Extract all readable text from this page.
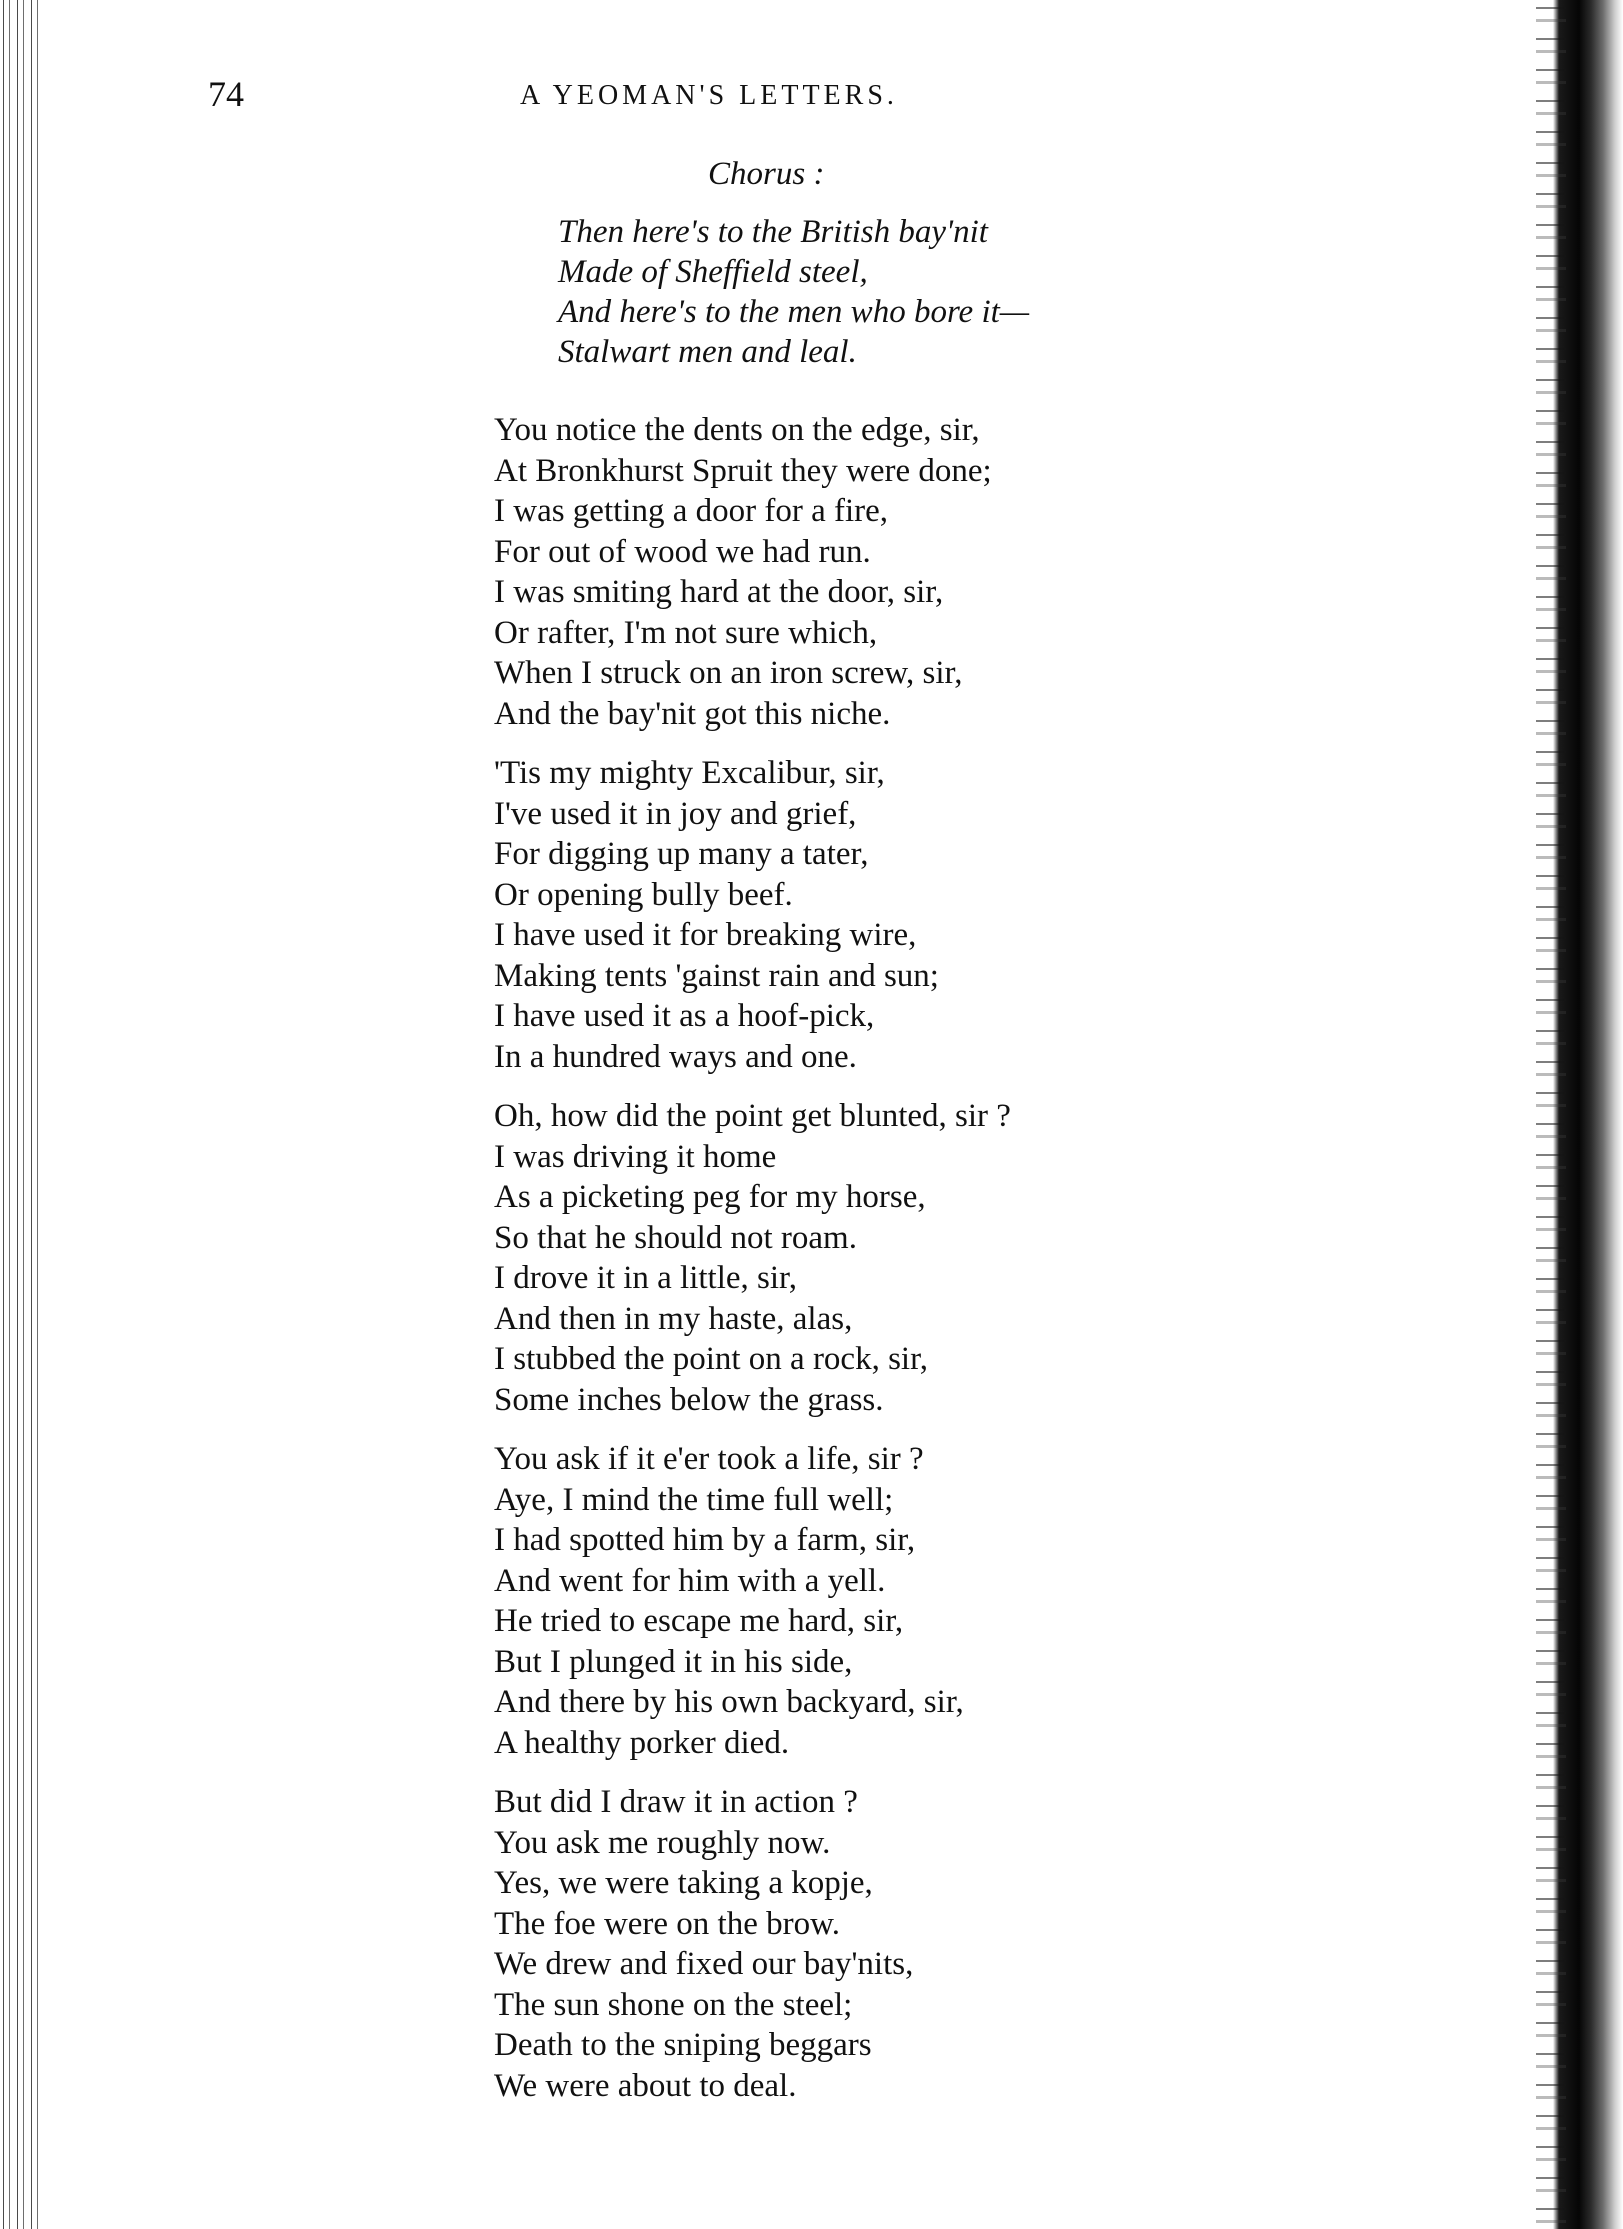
74	A YEOMAN'S LETTERS.
Chorus :
Then here's to the British bay'nit
Made of Sheffield steel,
And here's to the men who bore it—
Stalwart men and leal.
You notice the dents on the edge, sir,
At Bronkhurst Spruit they were done;
I was getting a door for a fire,
For out of wood we had run.
I was smiting hard at the door, sir,
Or rafter, I'm not sure which,
When I struck on an iron screw, sir,
And the bay'nit got this niche.
'Tis my mighty Excalibur, sir,
I've used it in joy and grief,
For digging up many a tater,
Or opening bully beef.
I have used it for breaking wire,
Making tents 'gainst rain and sun;
I have used it as a hoof-pick,
In a hundred ways and one.
Oh, how did the point get blunted, sir ?
I was driving it home
As a picketing peg for my horse,
So that he should not roam.
I drove it in a little, sir,
And then in my haste, alas,
I stubbed the point on a rock, sir,
Some inches below the grass.
You ask if it e'er took a life, sir ?
Aye, I mind the time full well;
I had spotted him by a farm, sir,
And went for him with a yell.
He tried to escape me hard, sir,
But I plunged it in his side,
And there by his own backyard, sir,
A healthy porker died.
But did I draw it in action ?
You ask me roughly now.
Yes, we were taking a kopje,
The foe were on the brow.
We drew and fixed our bay'nits,
The sun shone on the steel;
Death to the sniping beggars
We were about to deal.
